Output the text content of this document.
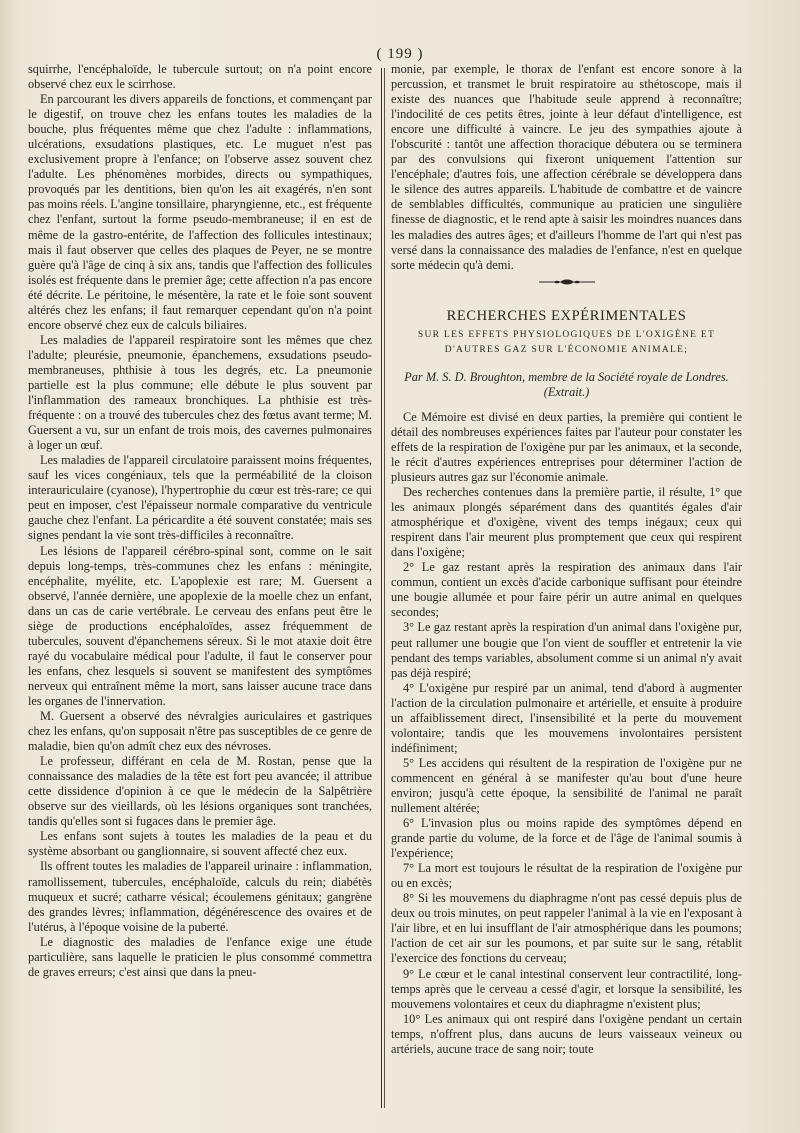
( 199 )

squirrhe, l'encéphaloïde, le tubercule surtout; on n'a point encore observé chez eux le scirrhose.

En parcourant les divers appareils de fonctions, et commençant par le digestif, on trouve chez les enfans toutes les maladies de la bouche, plus fréquentes même que chez l'adulte : inflammations, ulcérations, exsudations plastiques, etc. Le muguet n'est pas exclusivement propre à l'enfance; on l'observe assez souvent chez l'adulte. Les phénomènes morbides, directs ou sympathiques, provoqués par les dentitions, bien qu'on les ait exagérés, n'en sont pas moins réels. L'angine tonsillaire, pharyngienne, etc., est fréquente chez l'enfant, surtout la forme pseudo-membraneuse; il en est de même de la gastro-entérite, de l'affection des follicules intestinaux; mais il faut observer que celles des plaques de Peyer, ne se montre guère qu'à l'âge de cinq à six ans, tandis que l'affection des follicules isolés est fréquente dans le premier âge; cette affection n'a pas encore été décrite. Le péritoine, le mésentère, la rate et le foie sont souvent altérés chez les enfans; il faut remarquer cependant qu'on n'a point encore observé chez eux de calculs biliaires.

Les maladies de l'appareil respiratoire sont les mêmes que chez l'adulte; pleurésie, pneumonie, épanchemens, exsudations pseudo-membraneuses, phthisie à tous les degrés, etc. La pneumonie partielle est la plus commune; elle débute le plus souvent par l'inflammation des rameaux bronchiques. La phthisie est très-fréquente : on a trouvé des tubercules chez des fœtus avant terme; M. Guersent a vu, sur un enfant de trois mois, des cavernes pulmonaires à loger un œuf.

Les maladies de l'appareil circulatoire paraissent moins fréquentes, sauf les vices congéniaux, tels que la perméabilité de la cloison interauriculaire (cyanose), l'hypertrophie du cœur est très-rare; ce qui peut en imposer, c'est l'épaisseur normale comparative du ventricule gauche chez l'enfant. La péricardite a été souvent constatée; mais ses signes pendant la vie sont très-difficiles à reconnaître.

Les lésions de l'appareil cérébro-spinal sont, comme on le sait depuis long-temps, très-communes chez les enfans : méningite, encéphalite, myélite, etc. L'apoplexie est rare; M. Guersent a observé, l'année dernière, une apoplexie de la moelle chez un enfant, dans un cas de carie vertébrale. Le cerveau des enfans peut être le siège de productions encéphaloïdes, assez fréquemment de tubercules, souvent d'épanchemens séreux. Si le mot ataxie doit être rayé du vocabulaire médical pour l'adulte, il faut le conserver pour les enfans, chez lesquels si souvent se manifestent des symptômes nerveux qui entraînent même la mort, sans laisser aucune trace dans les organes de l'innervation.

M. Guersent a observé des névralgies auriculaires et gastriques chez les enfans, qu'on supposait n'être pas susceptibles de ce genre de maladie, bien qu'on admît chez eux des névroses.

Le professeur, différant en cela de M. Rostan, pense que la connaissance des maladies de la tête est fort peu avancée; il attribue cette dissidence d'opinion à ce que le médecin de la Salpêtrière observe sur des vieillards, où les lésions organiques sont tranchées, tandis qu'elles sont si fugaces dans le premier âge.

Les enfans sont sujets à toutes les maladies de la peau et du système absorbant ou ganglionnaire, si souvent affecté chez eux.

Ils offrent toutes les maladies de l'appareil urinaire : inflammation, ramollissement, tubercules, encéphaloïde, calculs du rein; diabétès muqueux et sucré; catharre vésical; écoulemens génitaux; gangrène des grandes lèvres; inflammation, dégénérescence des ovaires et de l'utérus, à l'époque voisine de la puberté.

Le diagnostic des maladies de l'enfance exige une étude particulière, sans laquelle le praticien le plus consommé commettra de graves erreurs; c'est ainsi que dans la pneu-

monie, par exemple, le thorax de l'enfant est encore sonore à la percussion, et transmet le bruit respiratoire au sthétoscope, mais il existe des nuances que l'habitude seule apprend à reconnaître; l'indocilité de ces petits êtres, jointe à leur défaut d'intelligence, est encore une difficulté à vaincre. Le jeu des sympathies ajoute à l'obscurité : tantôt une affection thoracique débutera ou se terminera par des convulsions qui fixeront uniquement l'attention sur l'encéphale; d'autres fois, une affection cérébrale se développera dans le silence des autres appareils. L'habitude de combattre et de vaincre de semblables difficultés, communique au praticien une singulière finesse de diagnostic, et le rend apte à saisir les moindres nuances dans les maladies des autres âges; et d'ailleurs l'homme de l'art qui n'est pas versé dans la connaissance des maladies de l'enfance, n'est en quelque sorte médecin qu'à demi.

RECHERCHES EXPÉRIMENTALES

SUR LES EFFETS PHYSIOLOGIQUES DE L'OXIGÈNE ET D'AUTRES GAZ SUR L'ÉCONOMIE ANIMALE;

Par M. S. D. Broughton, membre de la Société royale de Londres. (Extrait.)

Ce Mémoire est divisé en deux parties, la première qui contient le détail des nombreuses expériences faites par l'auteur pour constater les effets de la respiration de l'oxigène pur par les animaux, et la seconde, le récit d'autres expériences entreprises pour déterminer l'action de plusieurs autres gaz sur l'économie animale.

Des recherches contenues dans la première partie, il résulte, 1° que les animaux plongés séparément dans des quantités égales d'air atmosphérique et d'oxigène, vivent des temps inégaux; ceux qui respirent dans l'air meurent plus promptement que ceux qui respirent dans l'oxigène;

2° Le gaz restant après la respiration des animaux dans l'air commun, contient un excès d'acide carbonique suffisant pour éteindre une bougie allumée et pour faire périr un autre animal en quelques secondes;

3° Le gaz restant après la respiration d'un animal dans l'oxigène pur, peut rallumer une bougie que l'on vient de souffler et entretenir la vie pendant des temps variables, absolument comme si un animal n'y avait pas déjà respiré;

4° L'oxigène pur respiré par un animal, tend d'abord à augmenter l'action de la circulation pulmonaire et artérielle, et ensuite à produire un affaiblissement direct, l'insensibilité et la perte du mouvement volontaire; tandis que les mouvemens involontaires persistent indéfiniment;

5° Les accidens qui résultent de la respiration de l'oxigène pur ne commencent en général à se manifester qu'au bout d'une heure environ; jusqu'à cette époque, la sensibilité de l'animal ne paraît nullement altérée;

6° L'invasion plus ou moins rapide des symptômes dépend en grande partie du volume, de la force et de l'âge de l'animal soumis à l'expérience;

7° La mort est toujours le résultat de la respiration de l'oxigène pur ou en excès;

8° Si les mouvemens du diaphragme n'ont pas cessé depuis plus de deux ou trois minutes, on peut rappeler l'animal à la vie en l'exposant à l'air libre, et en lui insufflant de l'air atmosphérique dans les poumons; l'action de cet air sur les poumons, et par suite sur le sang, rétablit l'exercice des fonctions du cerveau;

9° Le cœur et le canal intestinal conservent leur contractilité, long-temps après que le cerveau a cessé d'agir, et lorsque la sensibilité, les mouvemens volontaires et ceux du diaphragme n'existent plus;

10° Les animaux qui ont respiré dans l'oxigène pendant un certain temps, n'offrent plus, dans aucuns de leurs vaisseaux veineux ou artériels, aucune trace de sang noir; toute
